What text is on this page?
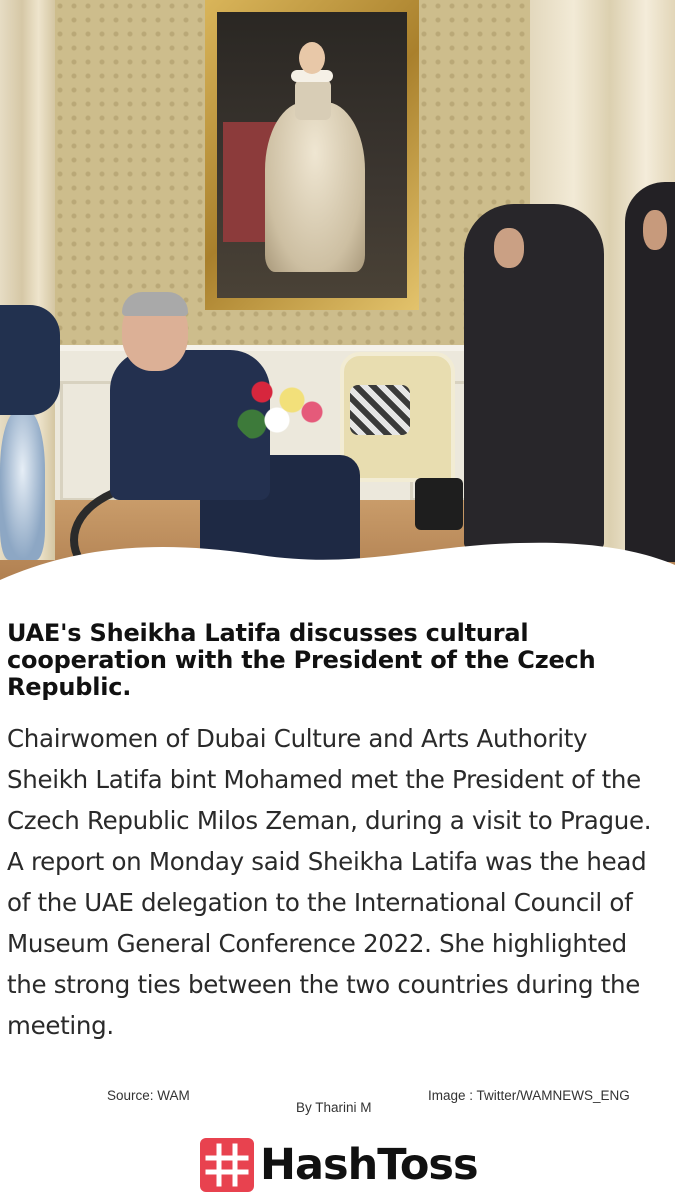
UAE's Sheikha Latifa discusses cultural cooperation with the President of the Czech Republic.

Chairwomen of Dubai Culture and Arts Authority Sheikh Latifa bint Mohamed met the President of the Czech Republic Milos Zeman, during a visit to Prague. A report on Monday said Sheikha Latifa was the head of the UAE delegation to the International Council of Museum General Conference 2022. She highlighted the strong ties between the two countries during the meeting.

Source: WAM
By Tharini M
Image : Twitter/WAMNEWS_ENG
HashToss
